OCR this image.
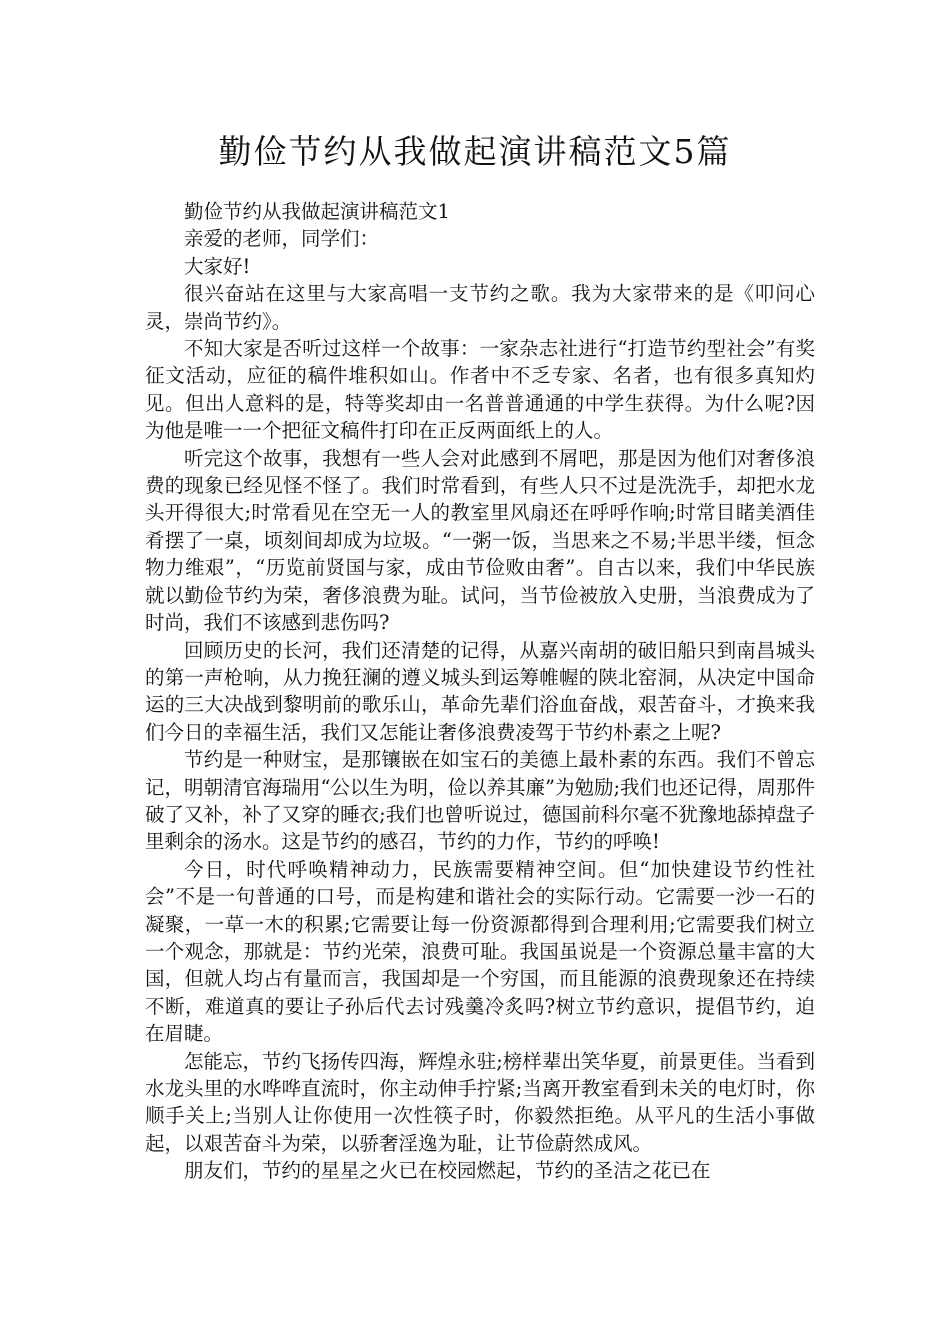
勤俭节约从我做起演讲稿范文5篇

勤俭节约从我做起演讲稿范文1

亲爱的老师，同学们：

大家好!

很兴奋站在这里与大家高唱一支节约之歌。我为大家带来的是《叩问心灵，崇尚节约》。

不知大家是否听过这样一个故事：一家杂志社进行“打造节约型社会”有奖征文活动，应征的稿件堆积如山。作者中不乏专家、名者，也有很多真知灼见。但出人意料的是，特等奖却由一名普普通通的中学生获得。为什么呢?因为他是唯一一个把征文稿件打印在正反两面纸上的人。

听完这个故事，我想有一些人会对此感到不屑吧，那是因为他们对奢侈浪费的现象已经见怪不怪了。我们时常看到，有些人只不过是洗洗手，却把水龙头开得很大;时常看见在空无一人的教室里风扇还在呼呼作响;时常目睹美酒佳肴摆了一桌，顷刻间却成为垃圾。“一粥一饭，当思来之不易;半思半缕，恒念物力维艰”，“历览前贤国与家，成由节俭败由奢”。自古以来，我们中华民族就以勤俭节约为荣，奢侈浪费为耻。试问，当节俭被放入史册，当浪费成为了时尚，我们不该感到悲伤吗?

回顾历史的长河，我们还清楚的记得，从嘉兴南胡的破旧船只到南昌城头的第一声枪响，从力挽狂澜的遵义城头到运筹帷幄的陕北窑洞，从决定中国命运的三大决战到黎明前的歌乐山，革命先辈们浴血奋战，艰苦奋斗，才换来我们今日的幸福生活，我们又怎能让奢侈浪费凌驾于节约朴素之上呢?

节约是一种财宝，是那镶嵌在如宝石的美德上最朴素的东西。我们不曾忘记，明朝清官海瑞用“公以生为明，俭以养其廉”为勉励;我们也还记得，周那件破了又补，补了又穿的睡衣;我们也曾听说过，德国前科尔毫不犹豫地舔掉盘子里剩余的汤水。这是节约的感召，节约的力作，节约的呼唤!

今日，时代呼唤精神动力，民族需要精神空间。但“加快建设节约性社会”不是一句普通的口号，而是构建和谐社会的实际行动。它需要一沙一石的凝聚，一草一木的积累;它需要让每一份资源都得到合理利用;它需要我们树立一个观念，那就是：节约光荣，浪费可耻。我国虽说是一个资源总量丰富的大国，但就人均占有量而言，我国却是一个穷国，而且能源的浪费现象还在持续不断，难道真的要让子孙后代去讨残羹冷炙吗?树立节约意识，提倡节约，迫在眉睫。

怎能忘，节约飞扬传四海，辉煌永驻;榜样辈出笑华夏，前景更佳。当看到水龙头里的水哗哗直流时，你主动伸手拧紧;当离开教室看到未关的电灯时，你顺手关上;当别人让你使用一次性筷子时，你毅然拒绝。从平凡的生活小事做起，以艰苦奋斗为荣，以骄奢淫逸为耻，让节俭蔚然成风。

朋友们，节约的星星之火已在校园燃起，节约的圣洁之花已在
